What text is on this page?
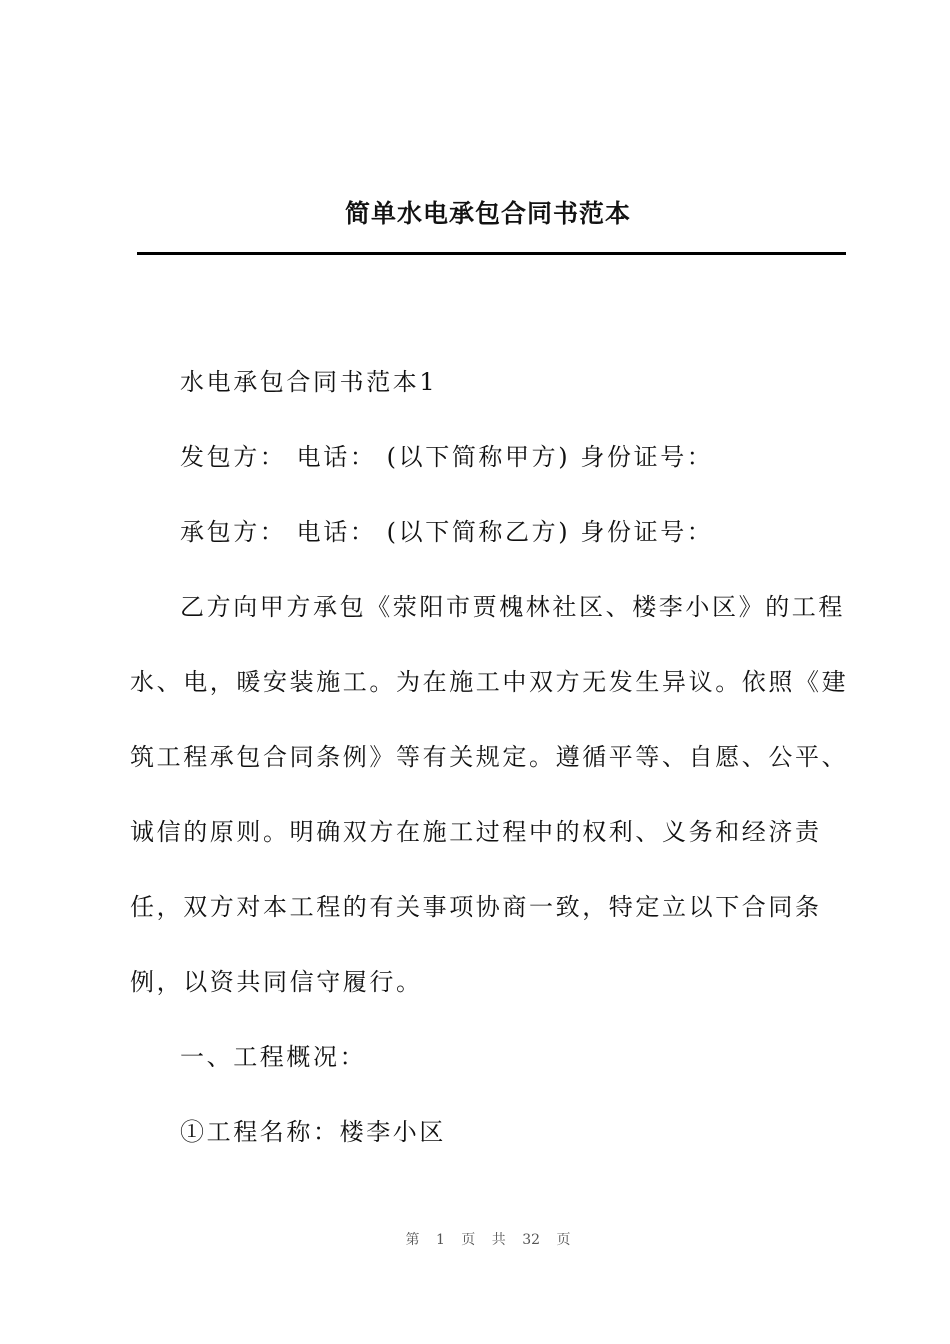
简单水电承包合同书范本

水电承包合同书范本1

发包方： 电话： (以下简称甲方) 身份证号：

承包方： 电话： (以下简称乙方) 身份证号：

乙方向甲方承包《荥阳市贾槐林社区、楼李小区》的工程水、电，暖安装施工。为在施工中双方无发生异议。依照《建筑工程承包合同条例》等有关规定。遵循平等、自愿、公平、诚信的原则。明确双方在施工过程中的权利、义务和经济责任，双方对本工程的有关事项协商一致，特定立以下合同条例，以资共同信守履行。

一、工程概况：

①工程名称：楼李小区

第 1 页 共 32 页
